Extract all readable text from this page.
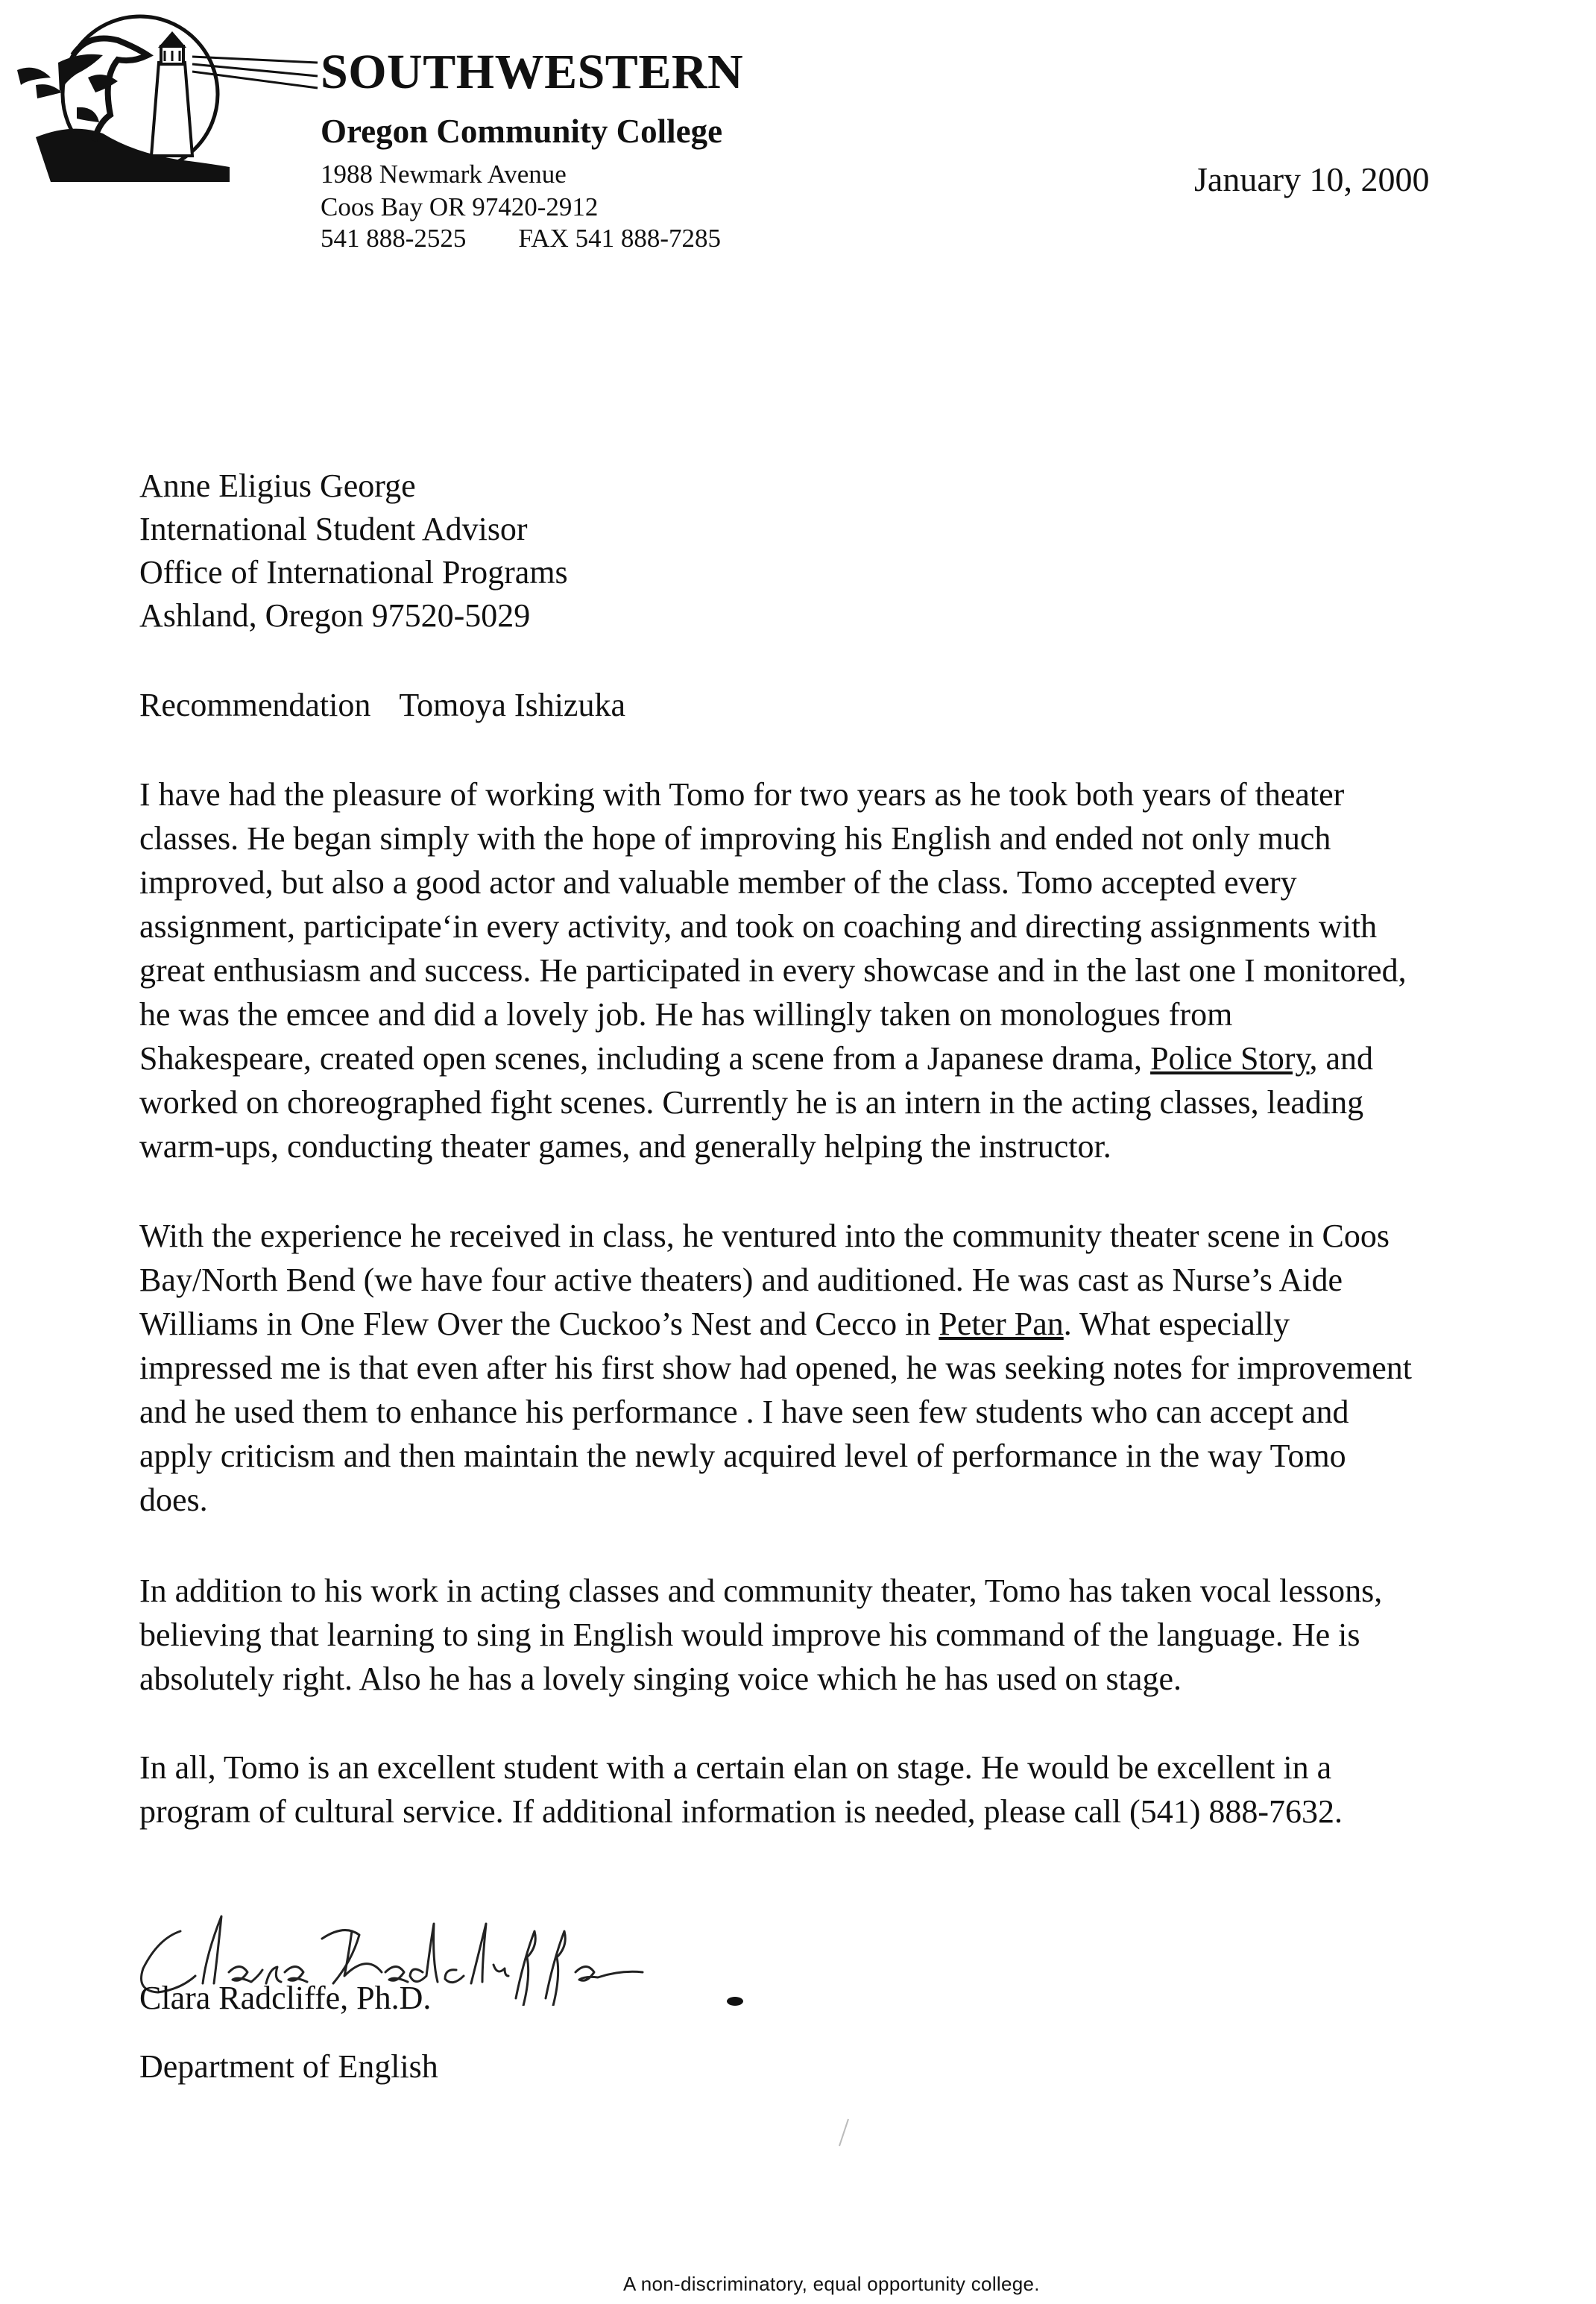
SOUTHWESTERN
Oregon Community College
1988 Newmark Avenue
Coos Bay OR 97420-2912
541 888-2525 FAX 541 888-7285
January 10, 2000
Anne Eligius George
International Student Advisor
Office of International Programs
Ashland, Oregon 97520-5029
Recommendation Tomoya Ishizuka
I have had the pleasure of working with Tomo for two years as he took both years of theater
classes. He began simply with the hope of improving his English and ended not only much
improved, but also a good actor and valuable member of the class. Tomo accepted every
assignment, participate‘in every activity, and took on coaching and directing assignments with
great enthusiasm and success. He participated in every showcase and in the last one I monitored,
he was the emcee and did a lovely job. He has willingly taken on monologues from
Shakespeare, created open scenes, including a scene from a Japanese drama, Police Story, and
worked on choreographed fight scenes. Currently he is an intern in the acting classes, leading
warm-ups, conducting theater games, and generally helping the instructor.
With the experience he received in class, he ventured into the community theater scene in Coos
Bay/North Bend (we have four active theaters) and auditioned. He was cast as Nurse’s Aide
Williams in One Flew Over the Cuckoo’s Nest and Cecco in Peter Pan. What especially
impressed me is that even after his first show had opened, he was seeking notes for improvement
and he used them to enhance his performance . I have seen few students who can accept and
apply criticism and then maintain the newly acquired level of performance in the way Tomo
does.
In addition to his work in acting classes and community theater, Tomo has taken vocal lessons,
believing that learning to sing in English would improve his command of the language. He is
absolutely right. Also he has a lovely singing voice which he has used on stage.
In all, Tomo is an excellent student with a certain elan on stage. He would be excellent in a
program of cultural service. If additional information is needed, please call (541) 888-7632.
Clara Radcliffe, Ph.D.
Department of English
A non-discriminatory, equal opportunity college.
